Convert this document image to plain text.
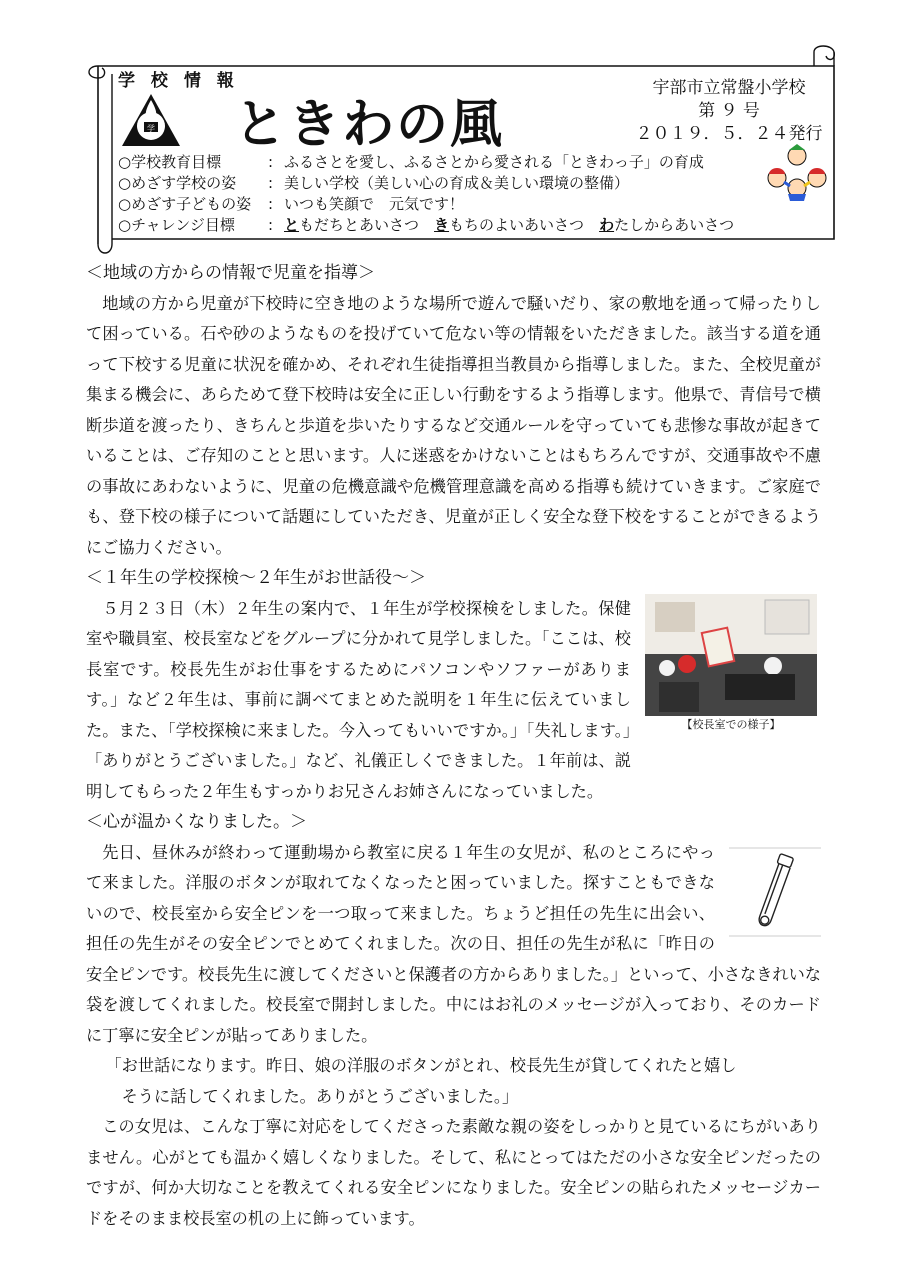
学 校 情 報
学 ときわの風
宇部市立常盤小学校
第 ９ 号
２０１９．５．２４発行
○学校教育目標	: ふるさとを愛し、ふるさとから愛される「ときわっ子」の育成
○めざす学校の姿	: 美しい学校（美しい心の育成＆美しい環境の整備）
○めざす子どもの姿	: いつも笑顔で　元気です！
○チャレンジ目標	: ともだちとあいさつ　きもちのよいあいさつ　わたしからあいさつ
＜地域の方からの情報で児童を指導＞

地域の方から児童が下校時に空き地のような場所で遊んで騒いだり、家の敷地を通って帰ったりして困っている。石や砂のようなものを投げていて危ない等の情報をいただきました。該当する道を通って下校する児童に状況を確かめ、それぞれ生徒指導担当教員から指導しました。また、全校児童が集まる機会に、あらためて登下校時は安全に正しい行動をするよう指導します。他県で、青信号で横断歩道を渡ったり、きちんと歩道を歩いたりするなど交通ルールを守っていても悲惨な事故が起きていることは、ご存知のことと思います。人に迷惑をかけないことはもちろんですが、交通事故や不慮の事故にあわないように、児童の危機意識や危機管理意識を高める指導も続けていきます。ご家庭でも、登下校の様子について話題にしていただき、児童が正しく安全な登下校をすることができるようにご協力ください。

＜１年生の学校探検～２年生がお世話役～＞
【校長室での様子】

５月２３日（木）２年生の案内で、１年生が学校探検をしました。保健室や職員室、校長室などをグループに分かれて見学しました。「ここは、校長室です。校長先生がお仕事をするためにパソコンやソファーがあります。」など２年生は、事前に調べてまとめた説明を１年生に伝えていました。また、「学校探検に来ました。今入ってもいいですか。」「失礼します。」「ありがとうございました。」など、礼儀正しくできました。１年前は、説明してもらった２年生もすっかりお兄さんお姉さんになっていました。

＜心が温かくなりました。＞

先日、昼休みが終わって運動場から教室に戻る１年生の女児が、私のところにやって来ました。洋服のボタンが取れてなくなったと困っていました。探すこともできないので、校長室から安全ピンを一つ取って来ました。ちょうど担任の先生に出会い、担任の先生がその安全ピンでとめてくれました。次の日、担任の先生が私に「昨日の安全ピンです。校長先生に渡してくださいと保護者の方からありました。」といって、小さなきれいな袋を渡してくれました。校長室で開封しました。中にはお礼のメッセージが入っており、そのカードに丁寧に安全ピンが貼ってありました。

「お世話になります。昨日、娘の洋服のボタンがとれ、校長先生が貸してくれたと嬉し
そうに話してくれました。ありがとうございました。」

この女児は、こんな丁寧に対応をしてくださった素敵な親の姿をしっかりと見ているにちがいありません。心がとても温かく嬉しくなりました。そして、私にとってはただの小さな安全ピンだったのですが、何か大切なことを教えてくれる安全ピンになりました。安全ピンの貼られたメッセージカードをそのまま校長室の机の上に飾っています。
